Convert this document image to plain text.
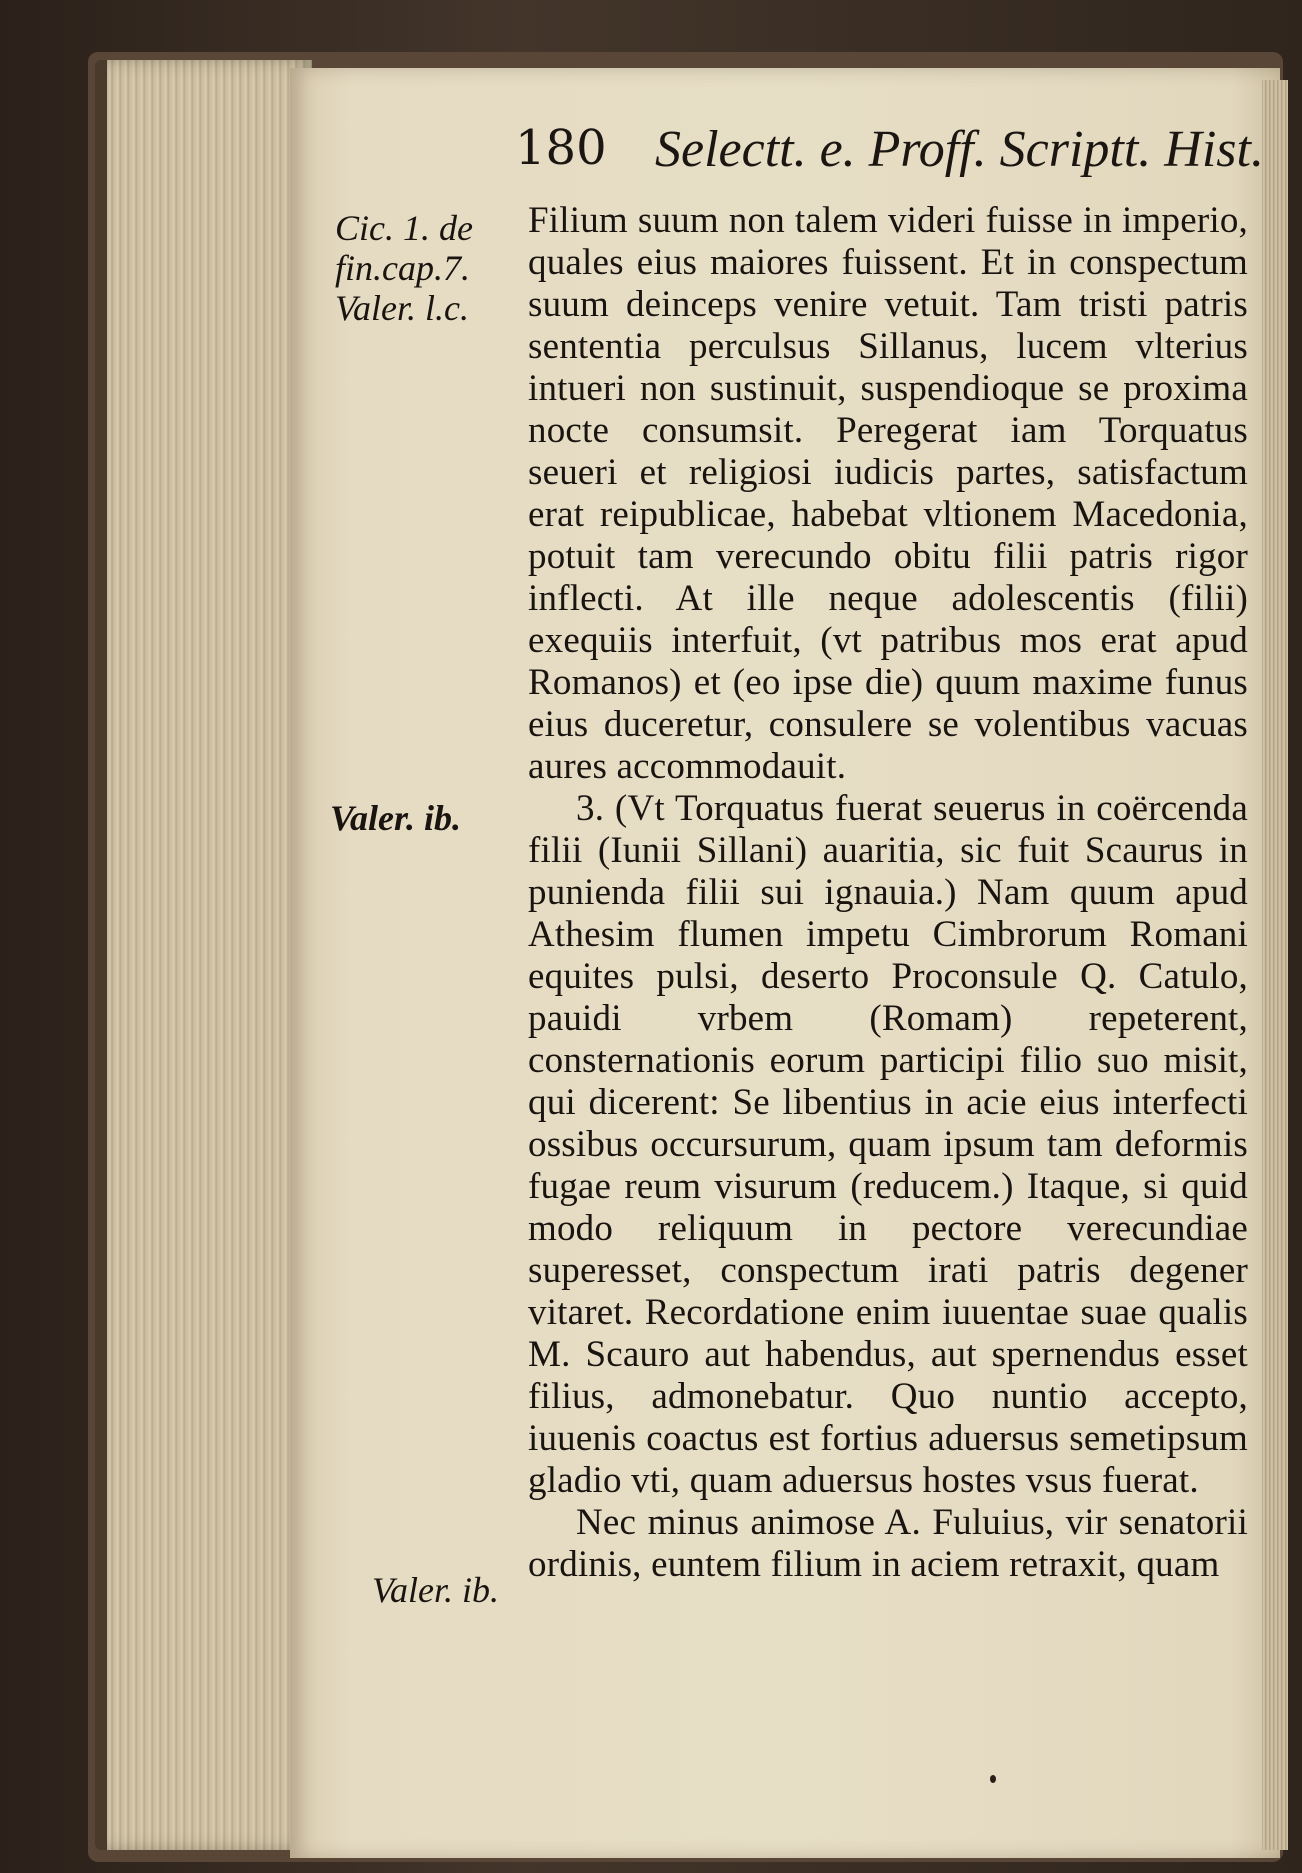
180 Selectt. e. Proff. Scriptt. Hist.
Cic. 1. de
fin.cap.7.
Valer. l.c.
Valer. ib.
Valer. ib.

Filium suum non talem videri fuisse in imperio, quales eius maiores fuissent. Et in conspectum suum deinceps venire vetuit. Tam tristi patris sententia perculsus Sillanus, lucem vlterius intueri non sustinuit, suspendioque se proxima nocte consumsit. Peregerat iam Torquatus seueri et religiosi iudicis partes, satisfactum erat reipublicae, habebat vltionem Macedonia, potuit tam verecundo obitu filii patris rigor inflecti. At ille neque adolescentis (filii) exequiis interfuit, (vt patribus mos erat apud Romanos) et (eo ipse die) quum maxime funus eius duceretur, consulere se volentibus vacuas aures accommodauit.

3. (Vt Torquatus fuerat seuerus in coërcenda filii (Iunii Sillani) auaritia, sic fuit Scaurus in punienda filii sui ignauia.) Nam quum apud Athesim flumen impetu Cimbrorum Romani equites pulsi, deserto Proconsule Q. Catulo, pauidi vrbem (Romam) repeterent, consternationis eorum participi filio suo misit, qui dicerent: Se libentius in acie eius interfecti ossibus occursurum, quam ipsum tam deformis fugae reum visurum (reducem.) Itaque, si quid modo reliquum in pectore verecundiae superesset, conspectum irati patris degener vitaret. Recordatione enim iuuentae suae qualis M. Scauro aut habendus, aut spernendus esset filius, admonebatur. Quo nuntio accepto, iuuenis coactus est fortius aduersus semetipsum gladio vti, quam aduersus hostes vsus fuerat.

Nec minus animose A. Fuluius, vir senatorii ordinis, euntem filium in aciem retraxit, quam
